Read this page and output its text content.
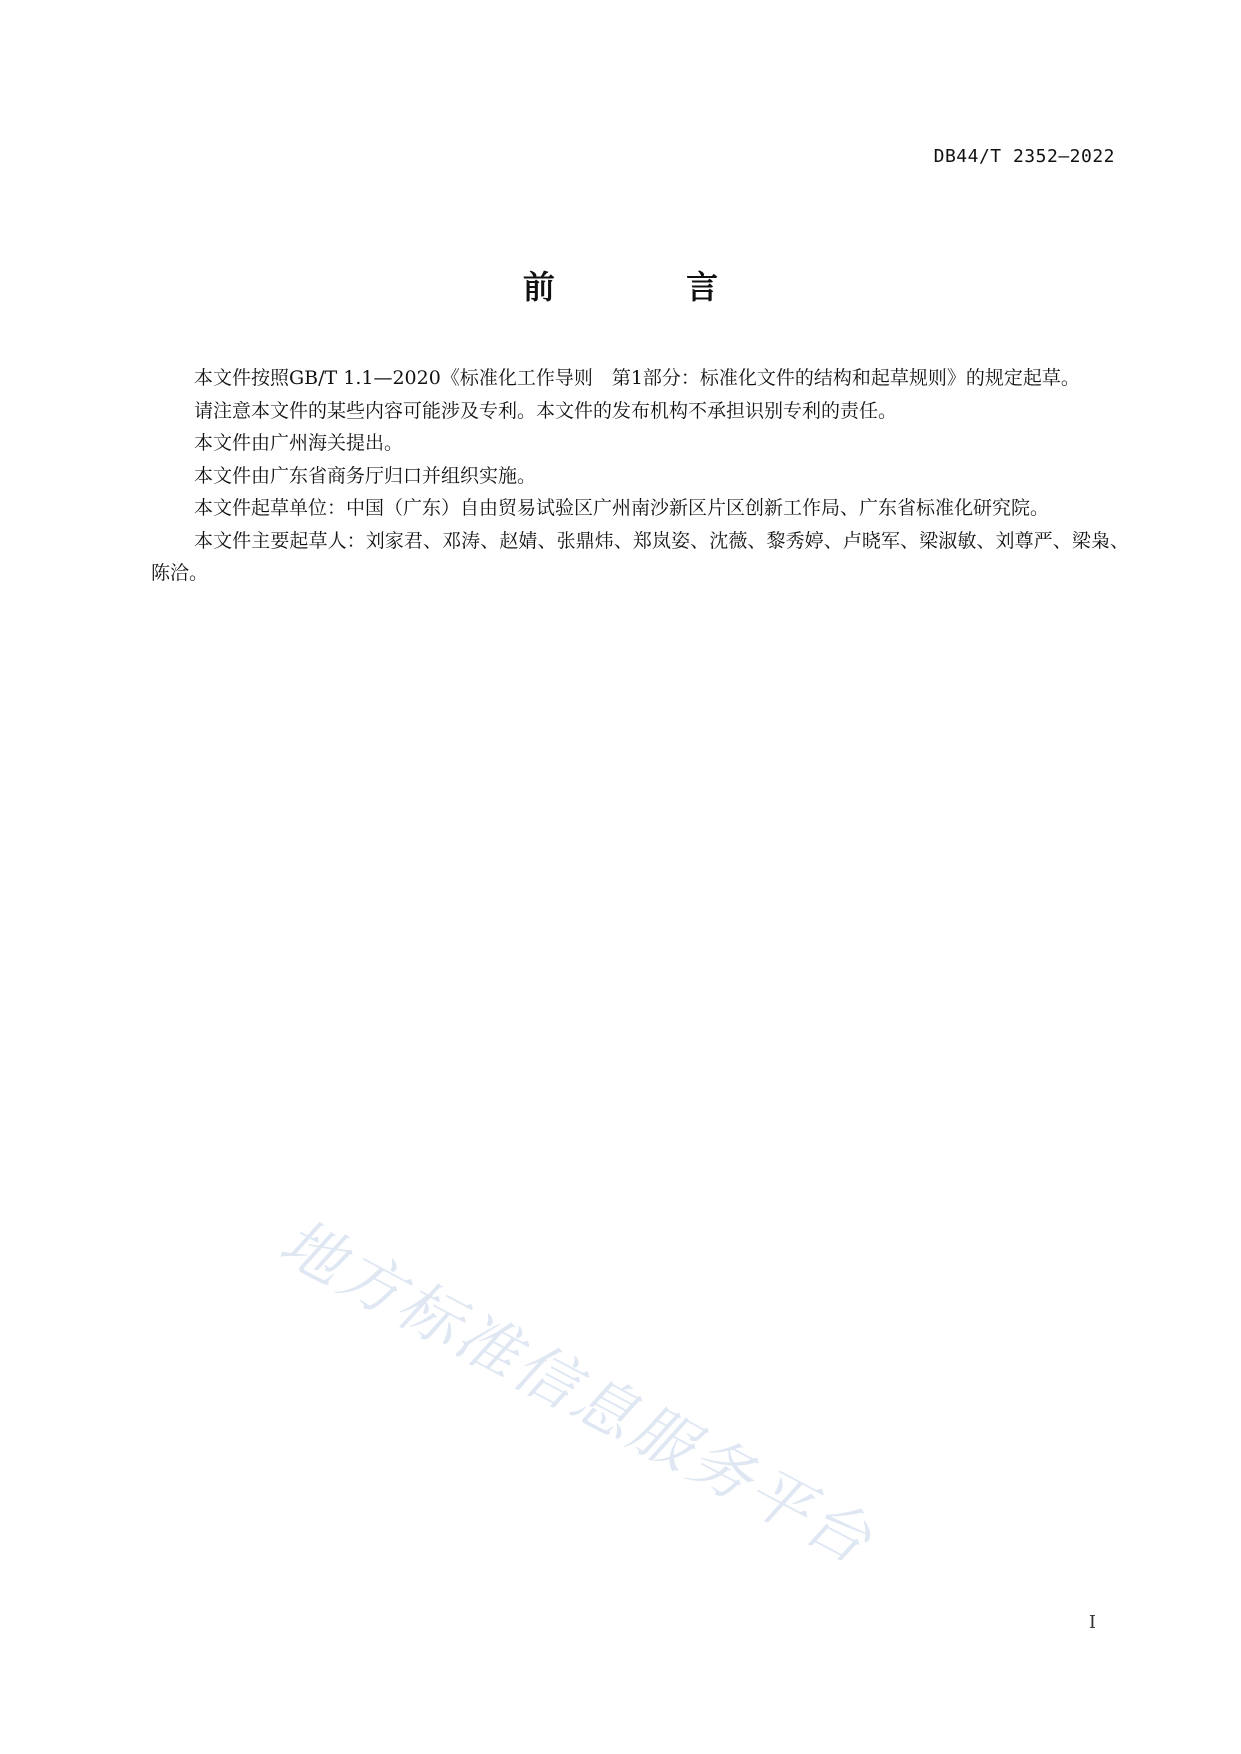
DB44/T 2352—2022
前 言

本文件按照GB/T 1.1—2020《标准化工作导则　第1部分：标准化文件的结构和起草规则》的规定起草。

请注意本文件的某些内容可能涉及专利。本文件的发布机构不承担识别专利的责任。

本文件由广州海关提出。

本文件由广东省商务厅归口并组织实施。

本文件起草单位：中国（广东）自由贸易试验区广州南沙新区片区创新工作局、广东省标准化研究院。

本文件主要起草人：刘家君、邓涛、赵婧、张鼎炜、郑岚姿、沈薇、黎秀婷、卢晓军、梁淑敏、刘尊严、梁枭、陈洽。

地方标准信息服务平台
I
